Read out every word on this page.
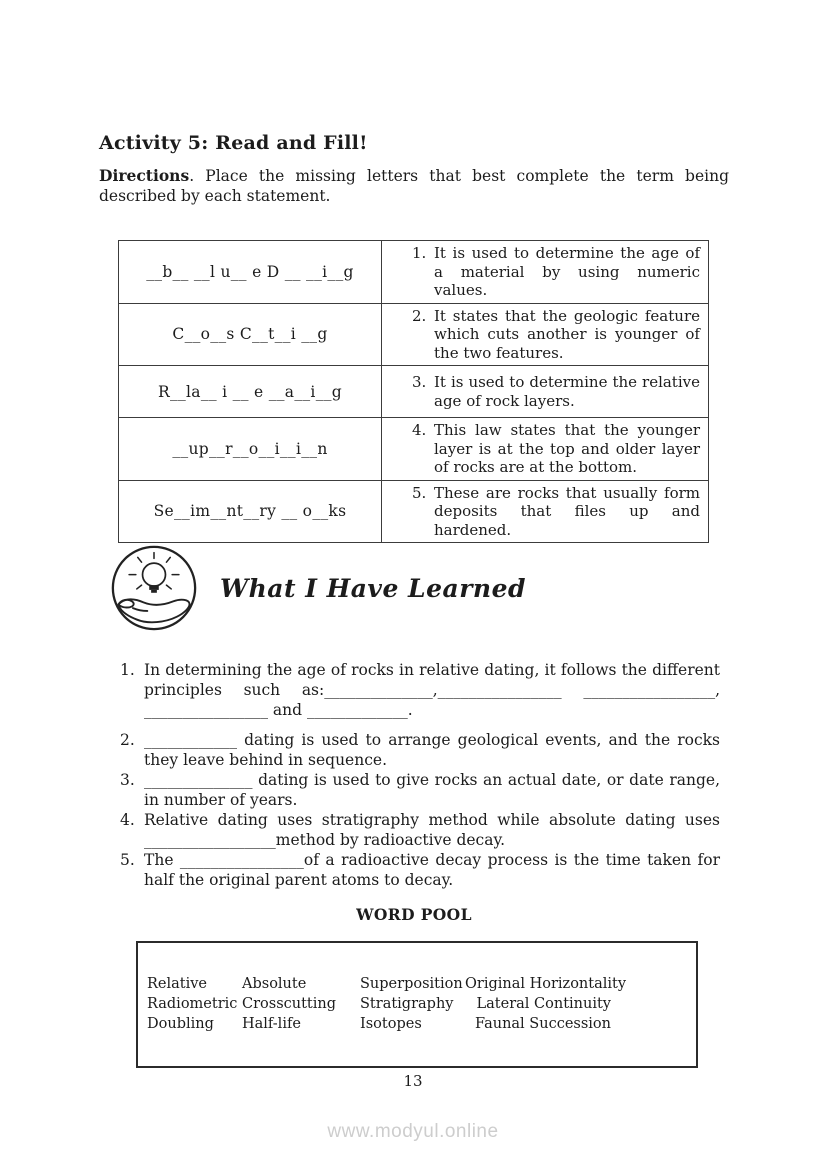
Activity 5: Read and Fill!
Directions. Place the missing letters that best complete the term being described by each statement.
__b__ __l u__ e D __ __i__g	1. It is used to determine the age of a material by using numeric values.

C__o__s C__t__i __g	2. It states that the geologic feature which cuts another is younger of the two features.

R__la__ i __ e __a__i__g	3. It is used to determine the relative age of rock layers.

__up__r__o__i__i__n	4. This law states that the younger layer is at the top and older layer of rocks are at the bottom.

Se__im__nt__ry __ o__ks	5. These are rocks that usually form deposits that files up and hardened.
What I Have Learned
1. In determining the age of rocks in relative dating, it follows the different principles such as:______________,________________ _________________, ________________ and _____________.
2. ____________ dating is used to arrange geological events, and the rocks they leave behind in sequence.
3. ______________ dating is used to give rocks an actual date, or date range, in number of years.
4. Relative dating uses stratigraphy method while absolute dating uses _________________method by radioactive decay.
5. The ________________of a radioactive decay process is the time taken for half the original parent atoms to decay.
WORD POOL
Relative	Absolute	Superposition Original Horizontality
Radiometric Crosscutting	Stratigraphy	Lateral Continuity
Doubling	Half-life	Isotopes	Faunal Succession
13
www.modyul.online
